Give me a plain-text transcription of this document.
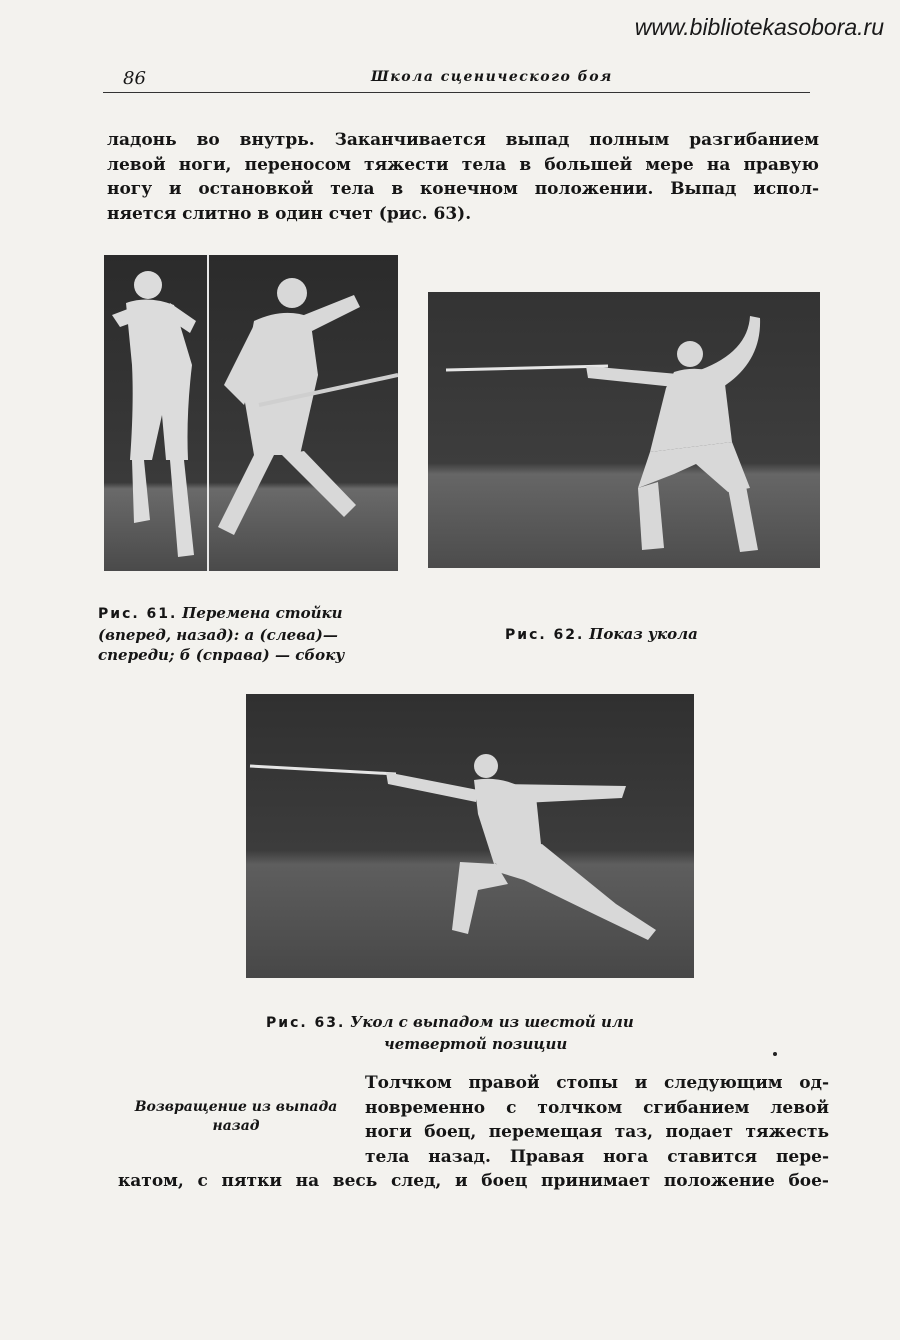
www.bibliotekasobora.ru
86	Школа сценического боя
ладонь во внутрь. Заканчивается выпад полным разгибанием
левой ноги, переносом тяжести тела в большей мере на правую
ногу и остановкой тела в конечном положении. Выпад испол-
няется слитно в один счет (рис. 63).
Рис. 61. Перемена стойки
(вперед, назад): а (слева)—
спереди; б (справа) — сбоку
Рис. 62. Показ укола
Рис. 63. Укол с выпадом из шестой или
четвертой позиции
Возвращение из выпада
назад
Толчком правой стопы и следующим од-
новременно с толчком сгибанием левой
ноги боец, перемещая таз, подает тяжесть
тела назад. Правая нога ставится пере-
катом, с пятки на весь след, и боец принимает положение бое-
